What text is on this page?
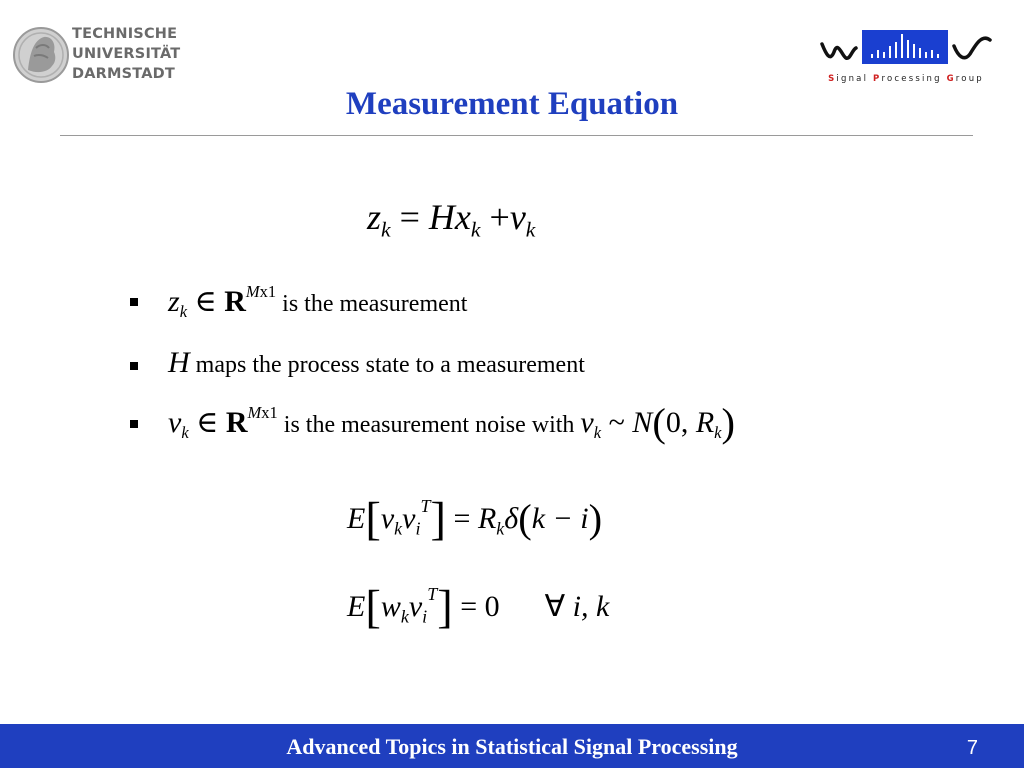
TECHNISCHE
UNIVERSITÄT
DARMSTADT	Signal Processing Group
Measurement Equation
$z_k = Hx_k +v_k$
$z_k$ ∈ $R^{Mx1}$ is the measurement
H maps the process state to a measurement
$v_k$ ∈ $R^{Mx1}$ is the measurement noise with $v_k$ ~ N(0, $R_k$)
$E[v_kv_i^T] = R_k\delta(k - i)$
$E[w_kv_i^T] = 0$ ∀ i, k
Advanced Topics in Statistical Signal Processing	7
